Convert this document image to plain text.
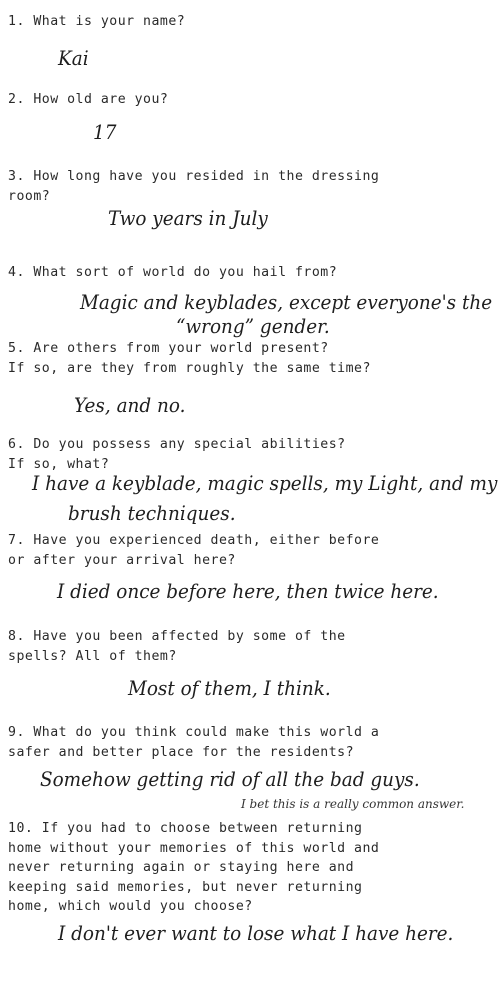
1. What is your name?
Kai
2. How old are you?
17
3. How long have you resided in the dressing
room?
Two years in July
4. What sort of world do you hail from?
Magic and keyblades, except everyone's the
“wrong” gender.
5. Are others from your world present?
If so, are they from roughly the same time?
Yes, and no.
6. Do you possess any special abilities?
If so, what?
I have a keyblade, magic spells, my Light, and my
brush techniques.
7. Have you experienced death, either before
or after your arrival here?
I died once before here, then twice here.
8. Have you been affected by some of the
spells? All of them?
Most of them, I think.
9. What do you think could make this world a
safer and better place for the residents?
Somehow getting rid of all the bad guys.
I bet this is a really common answer.
10. If you had to choose between returning
home without your memories of this world and
never returning again or staying here and
keeping said memories, but never returning
home, which would you choose?
I don't ever want to lose what I have here.
